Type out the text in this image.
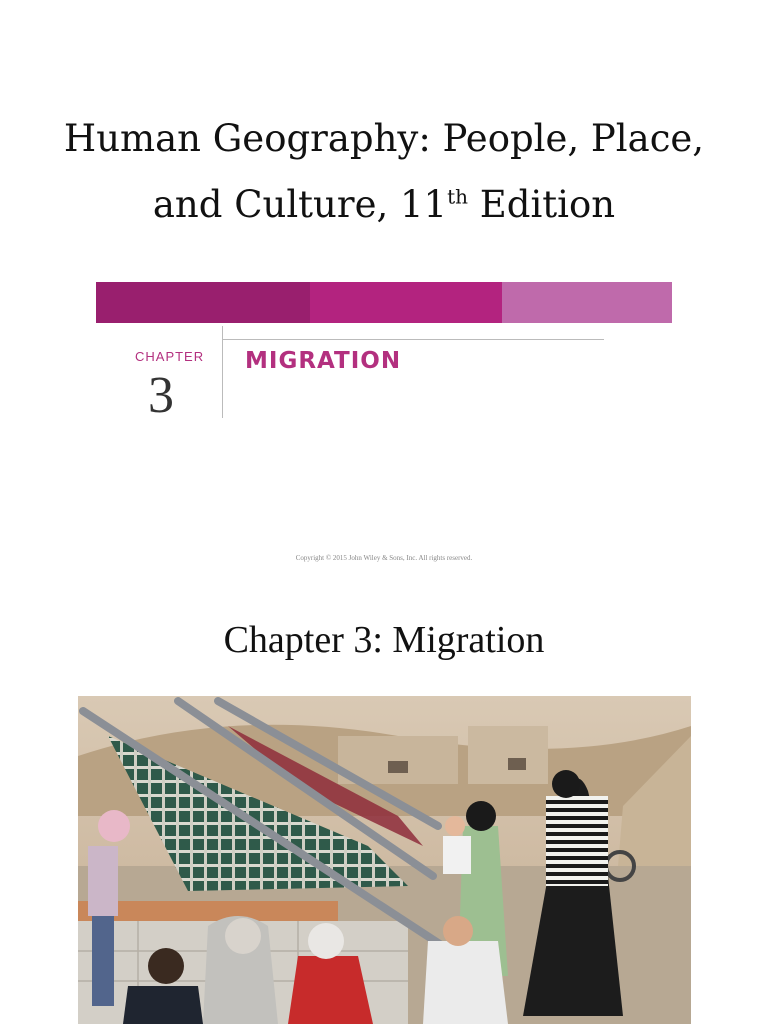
Human Geography: People, Place,
and Culture, 11th Edition
CHAPTER
3
MIGRATION
Copyright © 2015 John Wiley & Sons, Inc. All rights reserved.
Chapter 3: Migration
